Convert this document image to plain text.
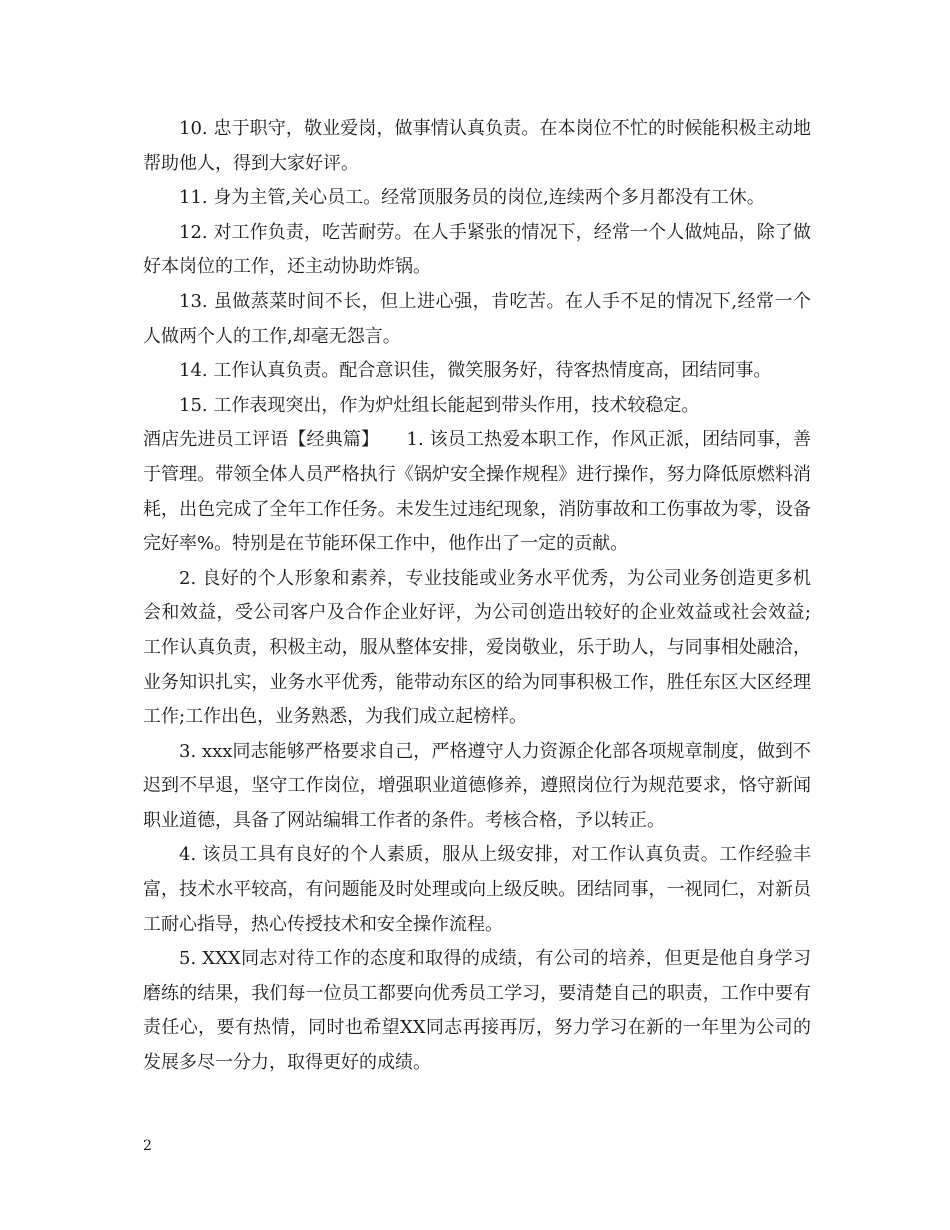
10. 忠于职守，敬业爱岗，做事情认真负责。在本岗位不忙的时候能积极主动地帮助他人，得到大家好评。

11. 身为主管,关心员工。经常顶服务员的岗位,连续两个多月都没有工休。

12. 对工作负责，吃苦耐劳。在人手紧张的情况下，经常一个人做炖品，除了做好本岗位的工作，还主动协助炸锅。

13. 虽做蒸菜时间不长，但上进心强，肯吃苦。在人手不足的情况下,经常一个人做两个人的工作,却毫无怨言。

14. 工作认真负责。配合意识佳，微笑服务好，待客热情度高，团结同事。

15. 工作表现突出，作为炉灶组长能起到带头作用，技术较稳定。

酒店先进员工评语【经典篇】　　1. 该员工热爱本职工作，作风正派，团结同事，善于管理。带领全体人员严格执行《锅炉安全操作规程》进行操作，努力降低原燃料消耗，出色完成了全年工作任务。未发生过违纪现象，消防事故和工伤事故为零，设备完好率%。特别是在节能环保工作中，他作出了一定的贡献。

2. 良好的个人形象和素养，专业技能或业务水平优秀，为公司业务创造更多机会和效益，受公司客户及合作企业好评，为公司创造出较好的企业效益或社会效益;工作认真负责，积极主动，服从整体安排，爱岗敬业，乐于助人，与同事相处融洽，业务知识扎实，业务水平优秀，能带动东区的给为同事积极工作，胜任东区大区经理工作;工作出色，业务熟悉，为我们成立起榜样。

3. xxx同志能够严格要求自己，严格遵守人力资源企化部各项规章制度，做到不迟到不早退，坚守工作岗位，增强职业道德修养，遵照岗位行为规范要求，恪守新闻职业道德，具备了网站编辑工作者的条件。考核合格，予以转正。

4. 该员工具有良好的个人素质，服从上级安排，对工作认真负责。工作经验丰富，技术水平较高，有问题能及时处理或向上级反映。团结同事，一视同仁，对新员工耐心指导，热心传授技术和安全操作流程。

5. XXX同志对待工作的态度和取得的成绩，有公司的培养，但更是他自身学习磨练的结果，我们每一位员工都要向优秀员工学习，要清楚自己的职责，工作中要有责任心，要有热情，同时也希望XX同志再接再厉，努力学习在新的一年里为公司的发展多尽一分力，取得更好的成绩。

2
